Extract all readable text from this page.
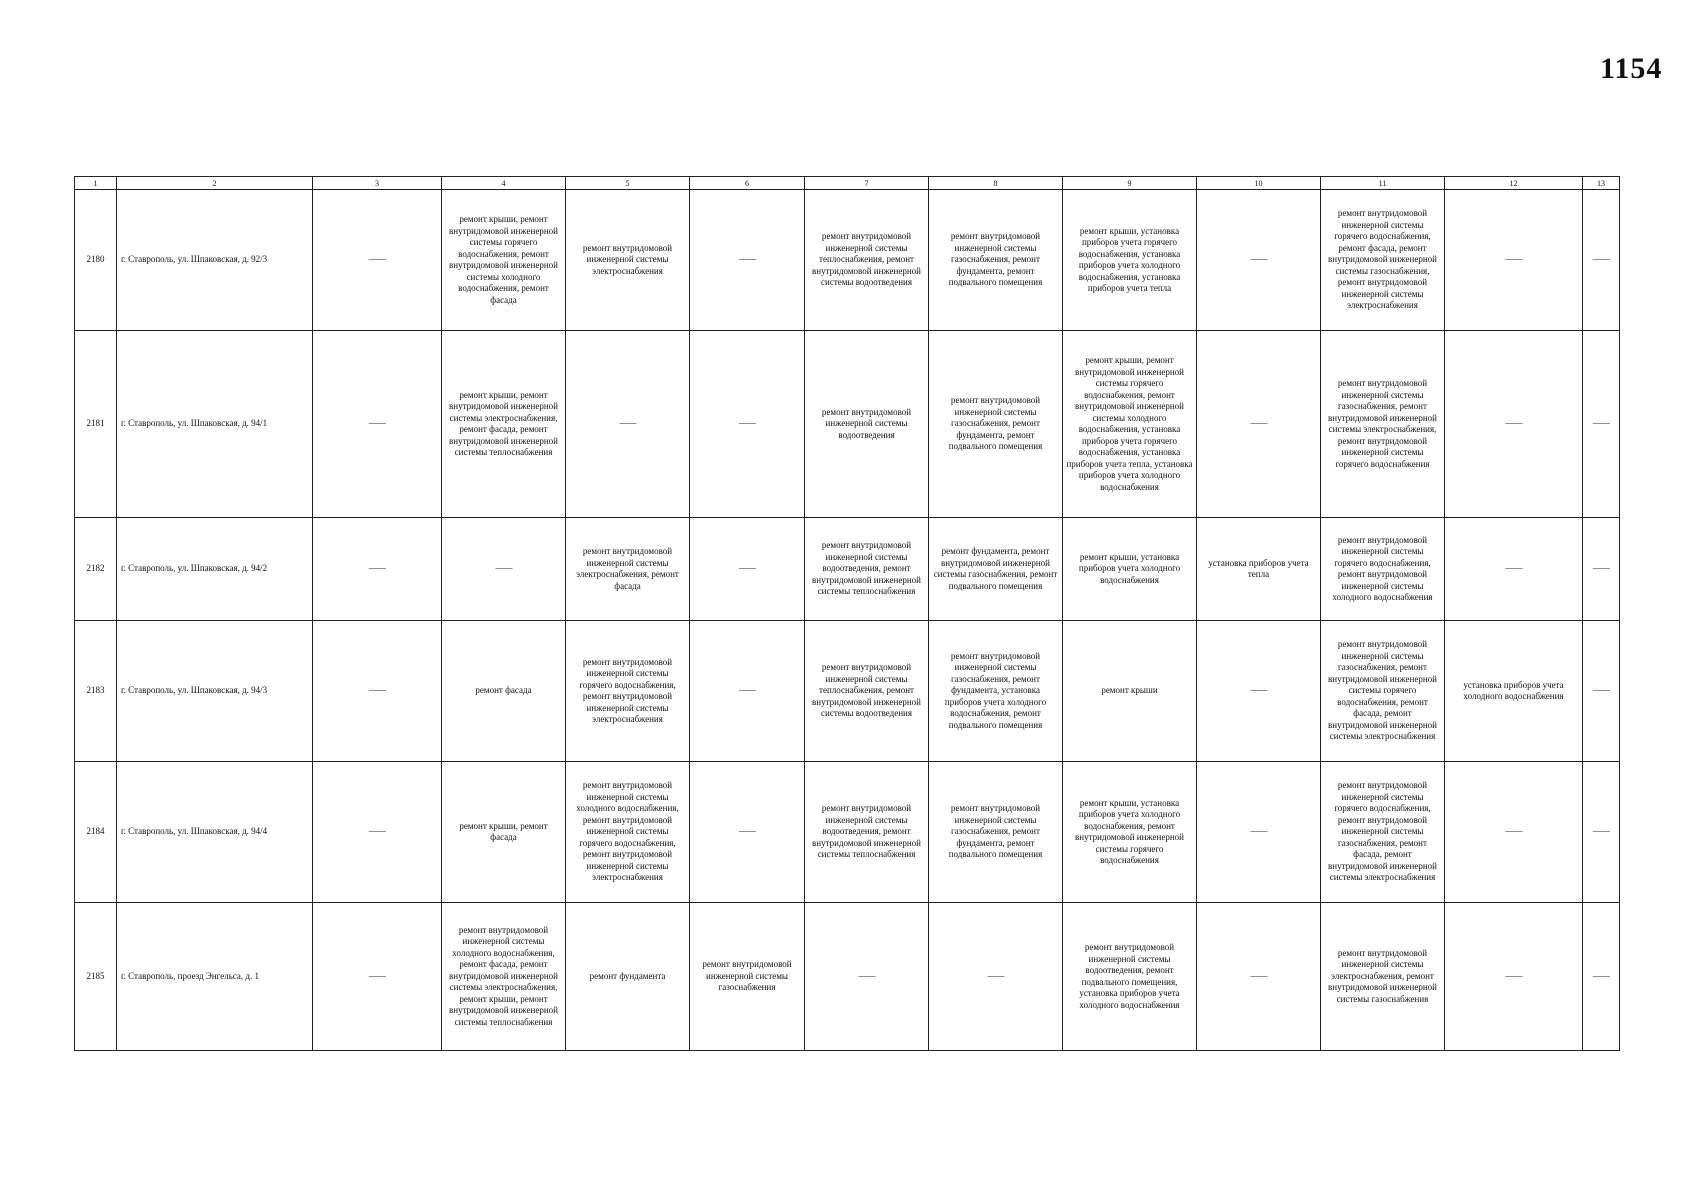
1154
1	2	3	4	5	6	7	8	9	10	11	12	13
2180	г. Ставрополь, ул. Шпаковская, д. 92/3	——	ремонт крыши, ремонт внутридомовой инженерной системы горячего водоснабжения, ремонт внутридомовой инженерной системы холодного водоснабжения, ремонт фасада	ремонт внутридомовой инженерной системы электроснабжения	——	ремонт внутридомовой инженерной системы теплоснабжения, ремонт внутридомовой инженерной системы водоотведения	ремонт внутридомовой инженерной системы газоснабжения, ремонт фундамента, ремонт подвального помещения	ремонт крыши, установка приборов учета горячего водоснабжения, установка приборов учета холодного водоснабжения, установка приборов учета тепла	——	ремонт внутридомовой инженерной системы горячего водоснабжения, ремонт фасада, ремонт внутридомовой инженерной системы газоснабжения, ремонт внутридомовой инженерной системы электроснабжения	——	——
2181	г. Ставрополь, ул. Шпаковская, д. 94/1	——	ремонт крыши, ремонт внутридомовой инженерной системы электроснабжения, ремонт фасада, ремонт внутридомовой инженерной системы теплоснабжения	——	——	ремонт внутридомовой инженерной системы водоотведения	ремонт внутридомовой инженерной системы газоснабжения, ремонт фундамента, ремонт подвального помещения	ремонт крыши, ремонт внутридомовой инженерной системы горячего водоснабжения, ремонт внутридомовой инженерной системы холодного водоснабжения, установка приборов учета горячего водоснабжения, установка приборов учета тепла, установка приборов учета холодного водоснабжения	——	ремонт внутридомовой инженерной системы газоснабжения, ремонт внутридомовой инженерной системы электроснабжения, ремонт внутридомовой инженерной системы горячего водоснабжения	——	——
2182	г. Ставрополь, ул. Шпаковская, д. 94/2	——	——	ремонт внутридомовой инженерной системы электроснабжения, ремонт фасада	——	ремонт внутридомовой инженерной системы водоотведения, ремонт внутридомовой инженерной системы теплоснабжения	ремонт фундамента, ремонт внутридомовой инженерной системы газоснабжения, ремонт подвального помещения	ремонт крыши, установка приборов учета холодного водоснабжения	установка приборов учета тепла	ремонт внутридомовой инженерной системы горячего водоснабжения, ремонт внутридомовой инженерной системы холодного водоснабжения	——	——
2183	г. Ставрополь, ул. Шпаковская, д. 94/3	——	ремонт фасада	ремонт внутридомовой инженерной системы горячего водоснабжения, ремонт внутридомовой инженерной системы электроснабжения	——	ремонт внутридомовой инженерной системы теплоснабжения, ремонт внутридомовой инженерной системы водоотведения	ремонт внутридомовой инженерной системы газоснабжения, ремонт фундамента, установка приборов учета холодного водоснабжения, ремонт подвального помещения	ремонт крыши	——	ремонт внутридомовой инженерной системы газоснабжения, ремонт внутридомовой инженерной системы горячего водоснабжения, ремонт фасада, ремонт внутридомовой инженерной системы электроснабжения	установка приборов учета холодного водоснабжения	——
2184	г. Ставрополь, ул. Шпаковская, д. 94/4	——	ремонт крыши, ремонт фасада	ремонт внутридомовой инженерной системы холодного водоснабжения, ремонт внутридомовой инженерной системы горячего водоснабжения, ремонт внутридомовой инженерной системы электроснабжения	——	ремонт внутридомовой инженерной системы водоотведения, ремонт внутридомовой инженерной системы теплоснабжения	ремонт внутридомовой инженерной системы газоснабжения, ремонт фундамента, ремонт подвального помещения	ремонт крыши, установка приборов учета холодного водоснабжения, ремонт внутридомовой инженерной системы горячего водоснабжения	——	ремонт внутридомовой инженерной системы горячего водоснабжения, ремонт внутридомовой инженерной системы газоснабжения, ремонт фасада, ремонт внутридомовой инженерной системы электроснабжения	——	——
2185	г. Ставрополь, проезд Энгельса, д. 1	——	ремонт внутридомовой инженерной системы холодного водоснабжения, ремонт фасада, ремонт внутридомовой инженерной системы электроснабжения, ремонт крыши, ремонт внутридомовой инженерной системы теплоснабжения	ремонт фундамента	ремонт внутридомовой инженерной системы газоснабжения	——	——	ремонт внутридомовой инженерной системы водоотведения, ремонт подвального помещения, установка приборов учета холодного водоснабжения	——	ремонт внутридомовой инженерной системы электроснабжения, ремонт внутридомовой инженерной системы газоснабжения	——	——
